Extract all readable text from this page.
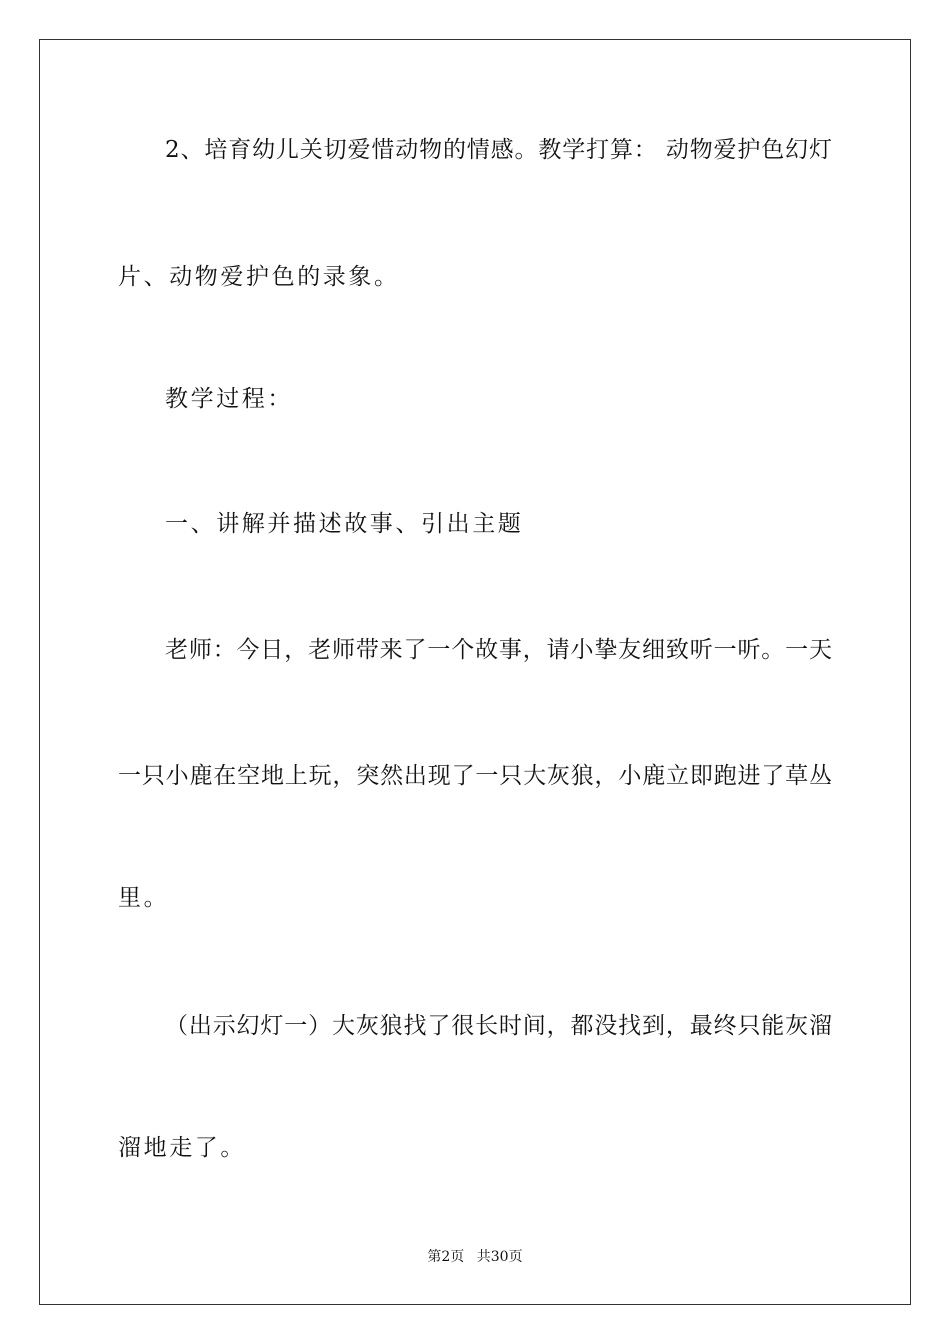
2、培育幼儿关切爱惜动物的情感。教学打算： 动物爱护色幻灯
片、动物爱护色的录象。
教学过程：
一、讲解并描述故事、引出主题
老师：今日，老师带来了一个故事，请小挚友细致听一听。一天
一只小鹿在空地上玩，突然出现了一只大灰狼，小鹿立即跑进了草丛
里。
（出示幻灯一）大灰狼找了很长时间，都没找到，最终只能灰溜
溜地走了。
第2页 共30页
